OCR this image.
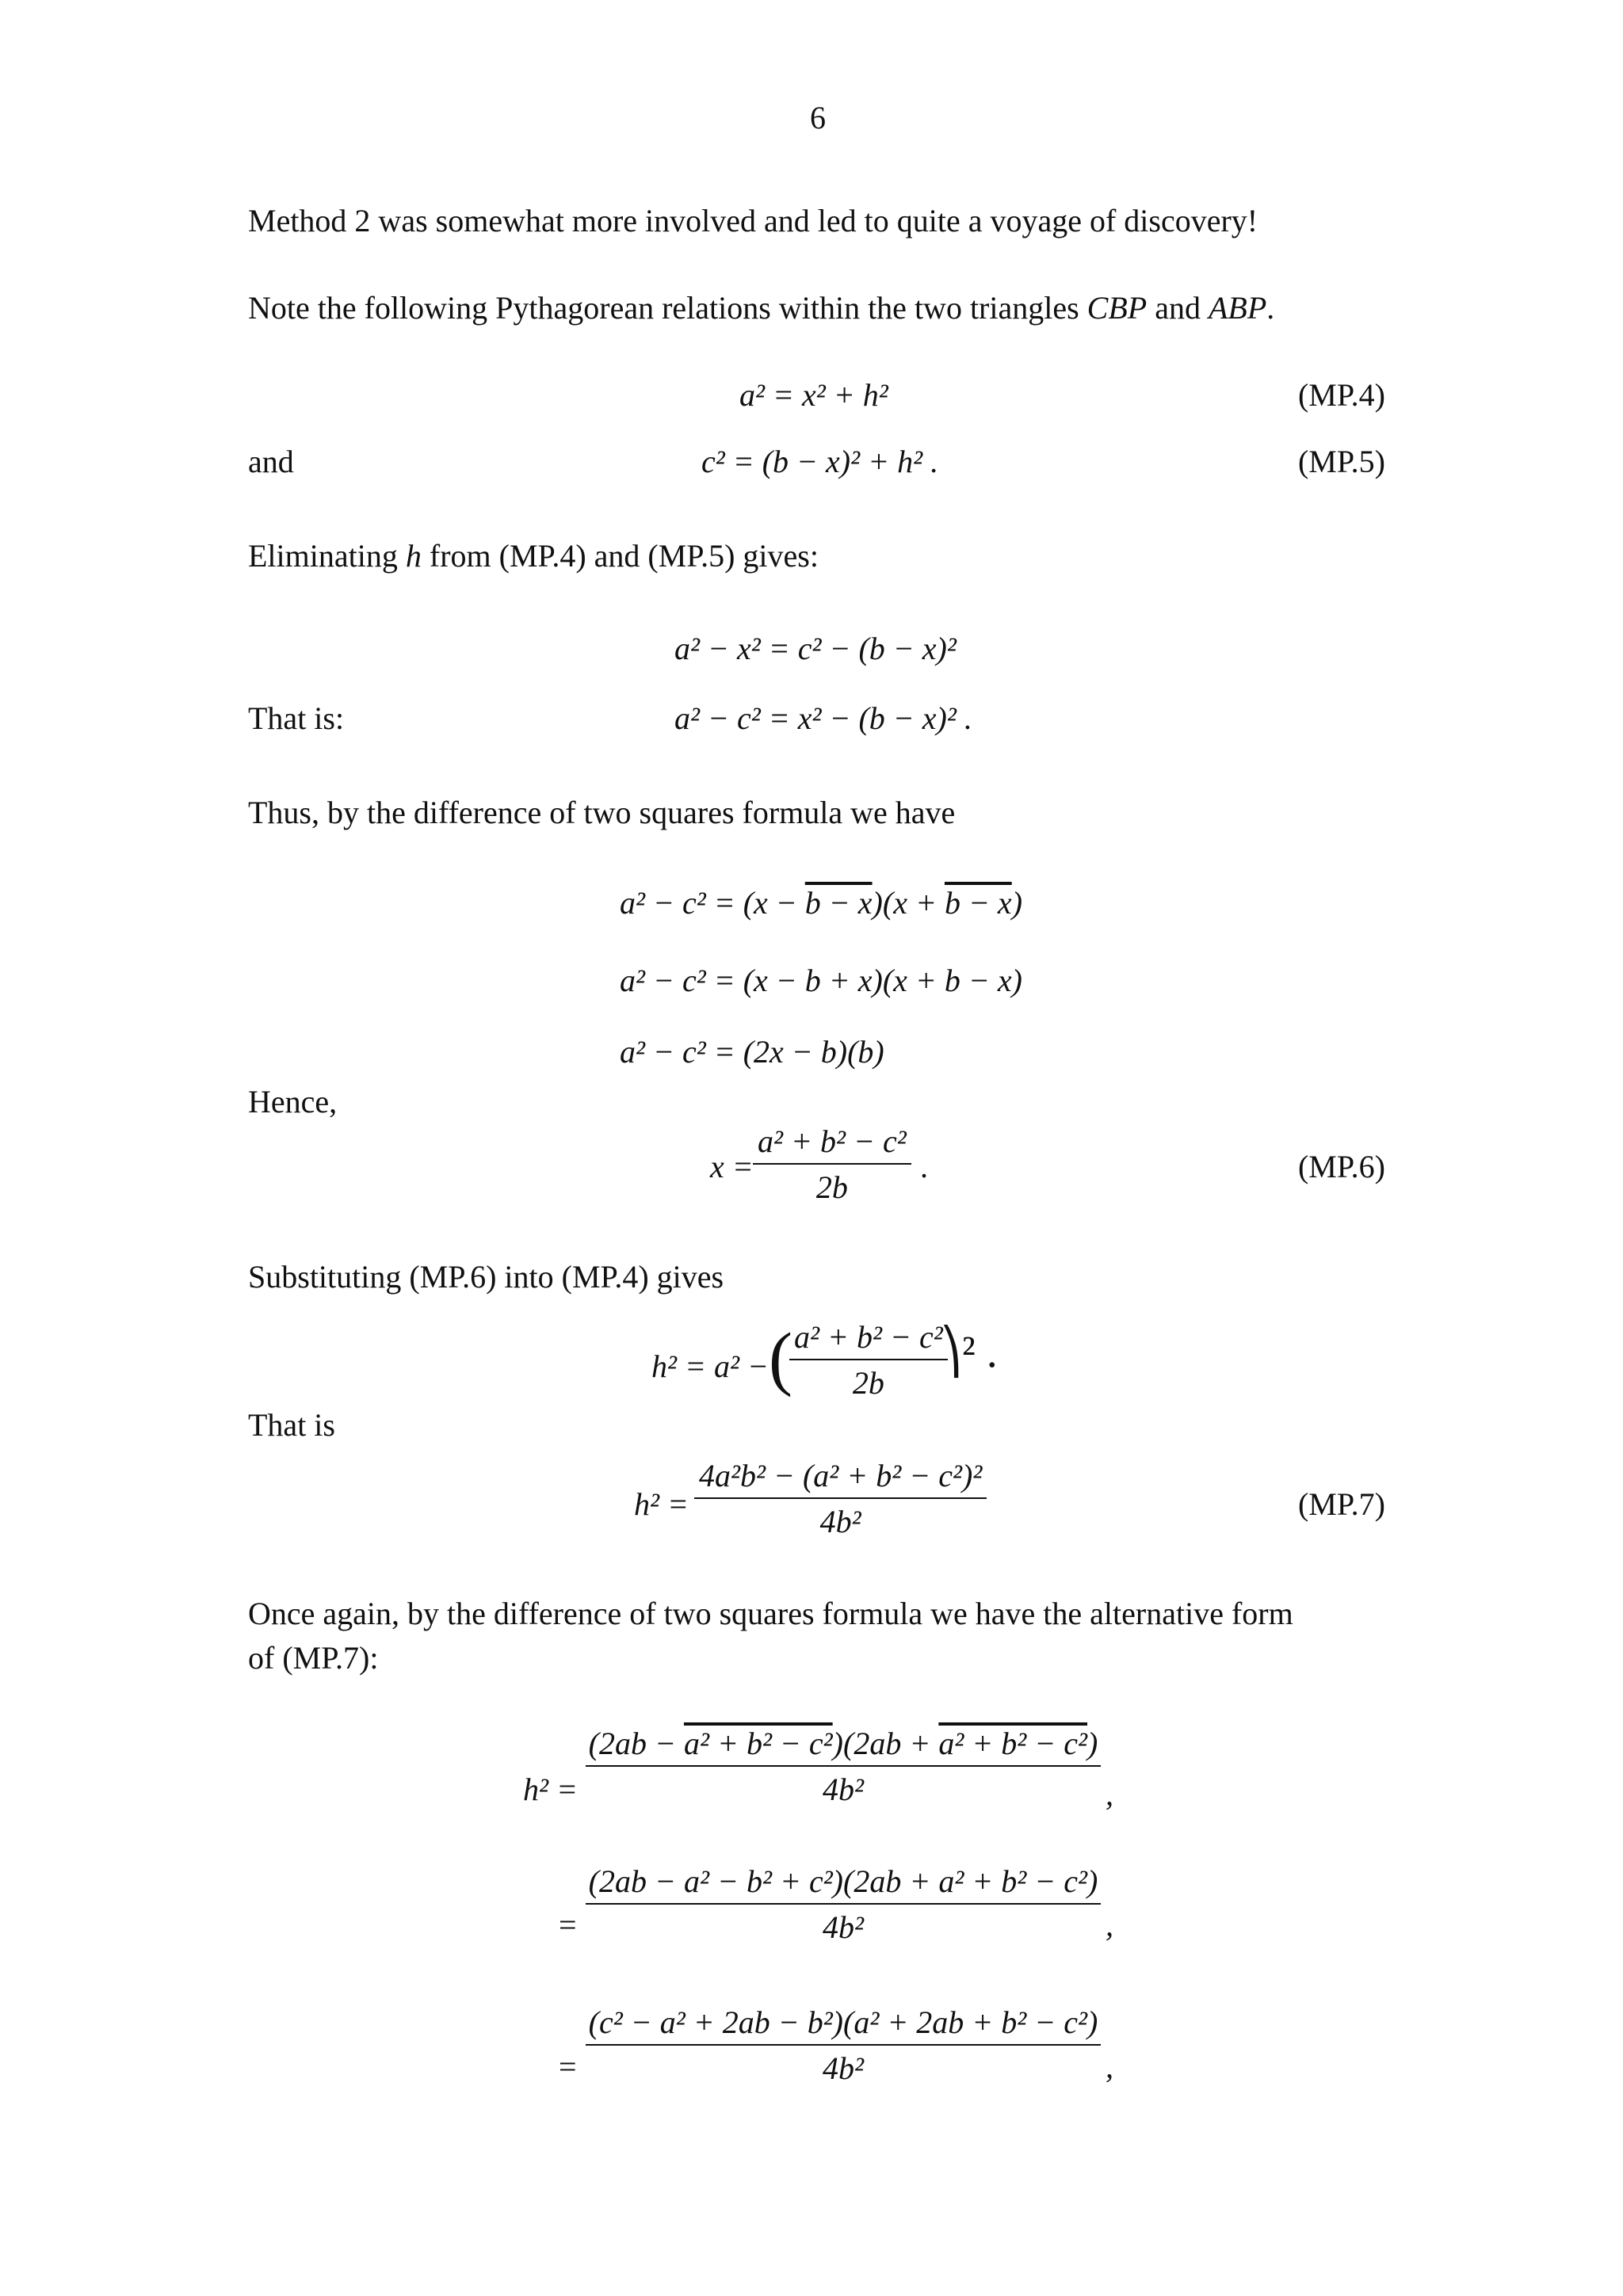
6
Method 2 was somewhat more involved and led to quite a voyage of discovery!
Note the following Pythagorean relations within the two triangles CBP and ABP.
a² = x² + h²	(MP.4)
and	c² = (b − x)² + h² .	(MP.5)
Eliminating h from (MP.4) and (MP.5) gives:
a² − x² = c² − (b − x)²
That is:	a² − c² = x² − (b − x)² .
Thus, by the difference of two squares formula we have
a² − c² = (x − b − x)(x + b − x)
a² − c² = (x − b + x)(x + b − x)
a² − c² = (2x − b)(b)
Hence,
x =
a² + b² − c²
2b
.	(MP.6)
Substituting (MP.6) into (MP.4) gives
h² = a² − ( a² + b² − c²
2b
⎞² .
That is
h² =
4a²b² − (a² + b² − c²)²
4b²	(MP.7)
Once again, by the difference of two squares formula we have the alternative form
of (MP.7):
h² =
(2ab − a² + b² − c²)(2ab + a² + b² − c²)
4b²	,
=
(2ab − a² − b² + c²)(2ab + a² + b² − c²)
4b²	,
=
(c² − a² + 2ab − b²)(a² + 2ab + b² − c²)
4b²	,
